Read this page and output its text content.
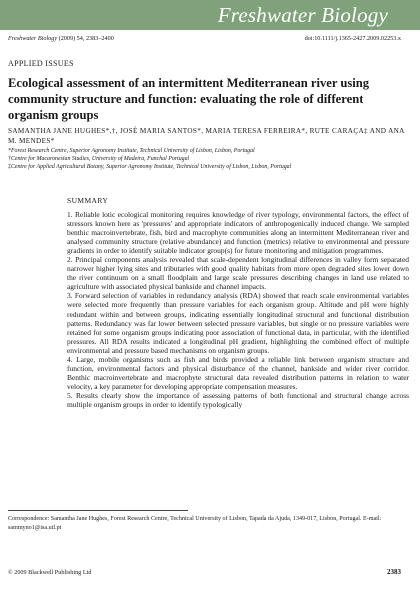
Freshwater Biology
Freshwater Biology (2009) 54, 2383–2400	doi:10.1111/j.1365-2427.2009.02253.x
APPLIED ISSUES
Ecological assessment of an intermittent Mediterranean river using community structure and function: evaluating the role of different organism groups
SAMANTHA JANE HUGHES*,†, JOSÉ MARIA SANTOS*, MARIA TERESA FERREIRA*, RUTE CARAÇA‡ AND ANA M. MENDES*
*Forest Research Centre, Superior Agronomy Institute, Technical University of Lisbon, Lisbon, Portugal
†Centre for Macaronesian Studies, University of Madeira, Funchal Portugal
‡Centre for Applied Agricultural Botany, Superior Agronomy Institute, Technical University of Lisbon, Lisbon, Portugal
SUMMARY

1. Reliable lotic ecological monitoring requires knowledge of river typology, environmental factors, the effect of stressors known here as 'pressures' and appropriate indicators of anthropogenically induced change. We sampled benthic macroinvertebrate, fish, bird and macrophyte communities along an intermittent Mediterranean river and analysed community structure (relative abundance) and function (metrics) relative to environmental and pressure gradients in order to identify suitable indicator group(s) for future monitoring and mitigation programmes.

2. Principal components analysis revealed that scale-dependent longitudinal differences in valley form separated narrower higher lying sites and tributaries with good quality habitats from more open degraded sites lower down the river continuum on a small floodplain and large scale pressures describing changes in land use related to agriculture with associated physical bankside and channel impacts.

3. Forward selection of variables in redundancy analysis (RDA) showed that reach scale environmental variables were selected more frequently than pressure variables for each organism group. Altitude and pH were highly redundant within and between groups, indicating essentially longitudinal structural and functional distribution patterns. Redundancy was far lower between selected pressure variables, but single or no pressure variables were retained for some organism groups indicating poor association of functional data, in particular, with the identified pressures. All RDA results indicated a longitudinal pH gradient, highlighting the combined effect of multiple environmental and pressure based mechanisms on organism groups.

4. Large, mobile organisms such as fish and birds provided a reliable link between organism structure and function, environmental factors and physical disturbance of the channel, bankside and wider river corridor. Benthic macroinvertebrate and macrophyte structural data revealed distribution patterns in relation to water velocity, a key parameter for developing appropriate compensation measures.

5. Results clearly show the importance of assessing patterns of both functional and structural change across multiple organism groups in order to identify typologically

Correspondence: Samantha Jane Hughes, Forest Research Centre, Technical University of Lisbon, Tapada da Ajuda, 1349-017, Lisbon, Portugal. E-mail: sammyno1@isa.utl.pt
© 2009 Blackwell Publishing Ltd	2383
